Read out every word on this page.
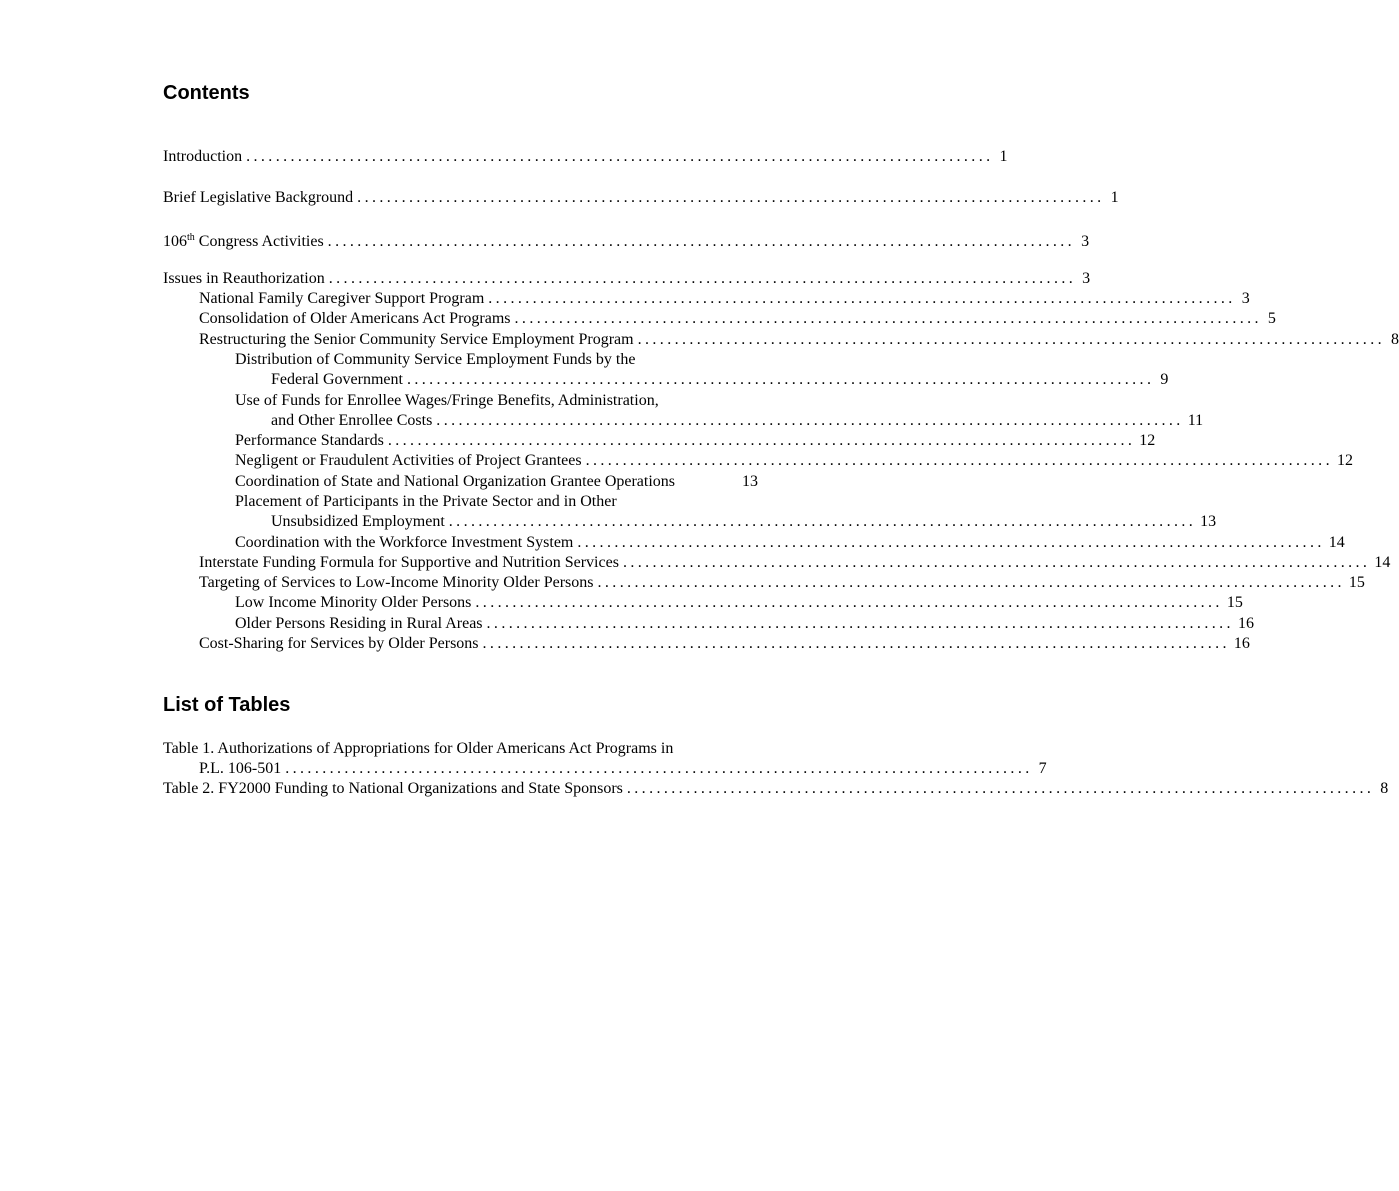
Contents
Introduction ..................................................................................................... 1
Brief Legislative Background ..................................................................................................... 1
106th Congress Activities ..................................................................................................... 3
Issues in Reauthorization ..................................................................................................... 3
National Family Caregiver Support Program ..................................................................................................... 3
Consolidation of Older Americans Act Programs ..................................................................................................... 5
Restructuring the Senior Community Service Employment Program ..................................................................................................... 8
Distribution of Community Service Employment Funds by the
Federal Government ..................................................................................................... 9
Use of Funds for Enrollee Wages/Fringe Benefits, Administration,
and Other Enrollee Costs ..................................................................................................... 11
Performance Standards ..................................................................................................... 12
Negligent or Fraudulent Activities of Project Grantees ..................................................................................................... 12
Coordination of State and National Organization Grantee Operations	13
Placement of Participants in the Private Sector and in Other
Unsubsidized Employment ..................................................................................................... 13
Coordination with the Workforce Investment System ..................................................................................................... 14
Interstate Funding Formula for Supportive and Nutrition Services ..................................................................................................... 14
Targeting of Services to Low-Income Minority Older Persons ..................................................................................................... 15
Low Income Minority Older Persons ..................................................................................................... 15
Older Persons Residing in Rural Areas ..................................................................................................... 16
Cost-Sharing for Services by Older Persons ..................................................................................................... 16
List of Tables
Table 1. Authorizations of Appropriations for Older Americans Act Programs in
P.L. 106-501 ..................................................................................................... 7
Table 2. FY2000 Funding to National Organizations and State Sponsors ..................................................................................................... 8
